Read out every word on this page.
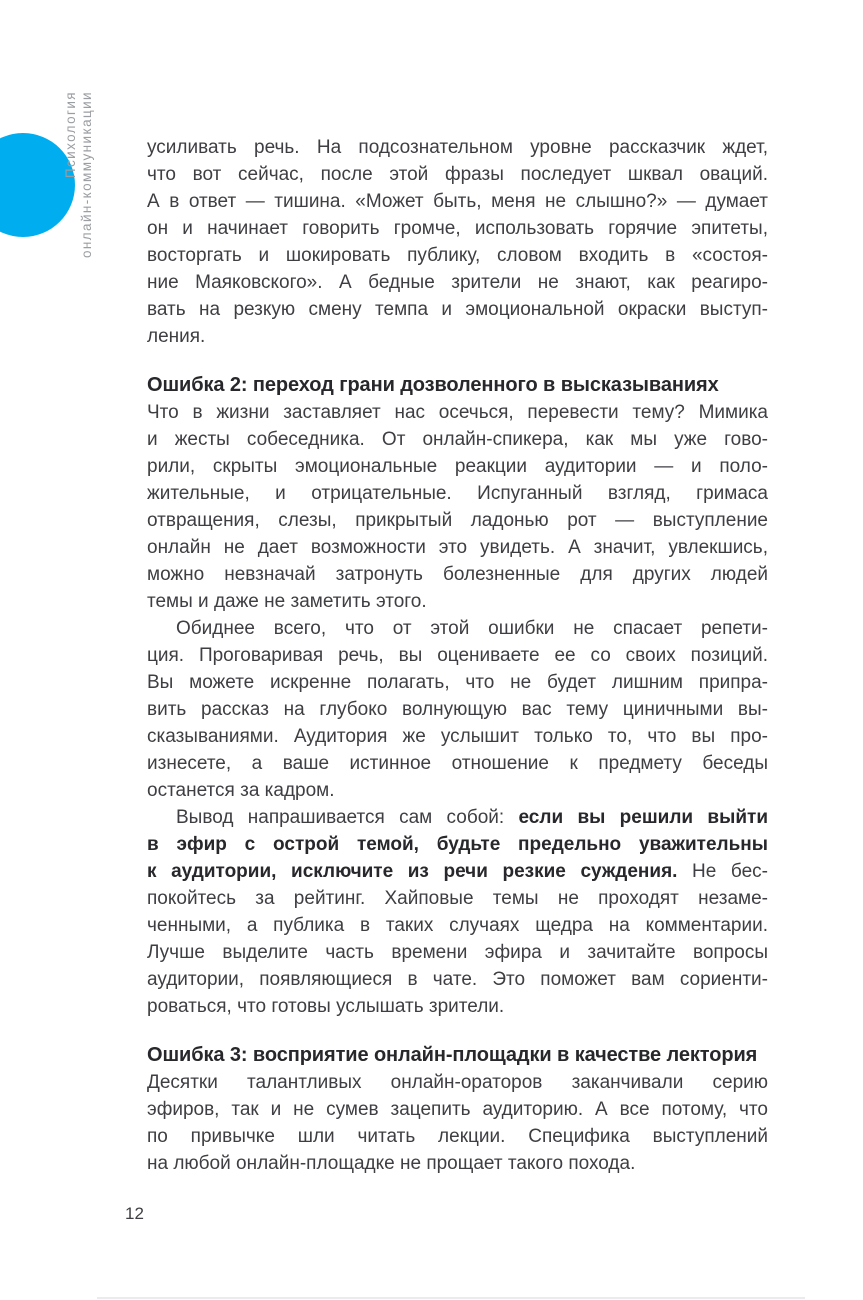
Психология онлайн-коммуникации	усиливать речь. На подсознательном уровне рассказчик ждет,
что вот сейчас, после этой фразы последует шквал оваций.
А в ответ — тишина. «Может быть, меня не слышно?» — думает
он и начинает говорить громче, использовать горячие эпитеты,
восторгать и шокировать публику, словом входить в «состоя-
ние Маяковского». А бедные зрители не знают, как реагиро-
вать на резкую смену темпа и эмоциональной окраски выступ-
ления.
Ошибка 2: переход грани дозволенного в высказываниях
Что в жизни заставляет нас осечься, перевести тему? Мимика
и жесты собеседника. От онлайн-спикера, как мы уже гово-
рили, скрыты эмоциональные реакции аудитории — и поло-
жительные, и отрицательные. Испуганный взгляд, гримаса
отвращения, слезы, прикрытый ладонью рот — выступление
онлайн не дает возможности это увидеть. А значит, увлекшись,
можно невзначай затронуть болезненные для других людей
темы и даже не заметить этого.
Обиднее всего, что от этой ошибки не спасает репети-
ция. Проговаривая речь, вы оцениваете ее со своих позиций.
Вы можете искренне полагать, что не будет лишним припра-
вить рассказ на глубоко волнующую вас тему циничными вы-
сказываниями. Аудитория же услышит только то, что вы про-
изнесете, а ваше истинное отношение к предмету беседы
останется за кадром.
Вывод напрашивается сам собой: если вы решили выйти
в эфир с острой темой, будьте предельно уважительны
к аудитории, исключите из речи резкие суждения. Не бес-
покойтесь за рейтинг. Хайповые темы не проходят незаме-
ченными, а публика в таких случаях щедра на комментарии.
Лучше выделите часть времени эфира и зачитайте вопросы
аудитории, появляющиеся в чате. Это поможет вам сориенти-
роваться, что готовы услышать зрители.
Ошибка 3: восприятие онлайн-площадки в качестве лектория
Десятки талантливых онлайн-ораторов заканчивали серию
эфиров, так и не сумев зацепить аудиторию. А все потому, что
по привычке шли читать лекции. Специфика выступлений
на любой онлайн-площадке не прощает такого похода.
12
